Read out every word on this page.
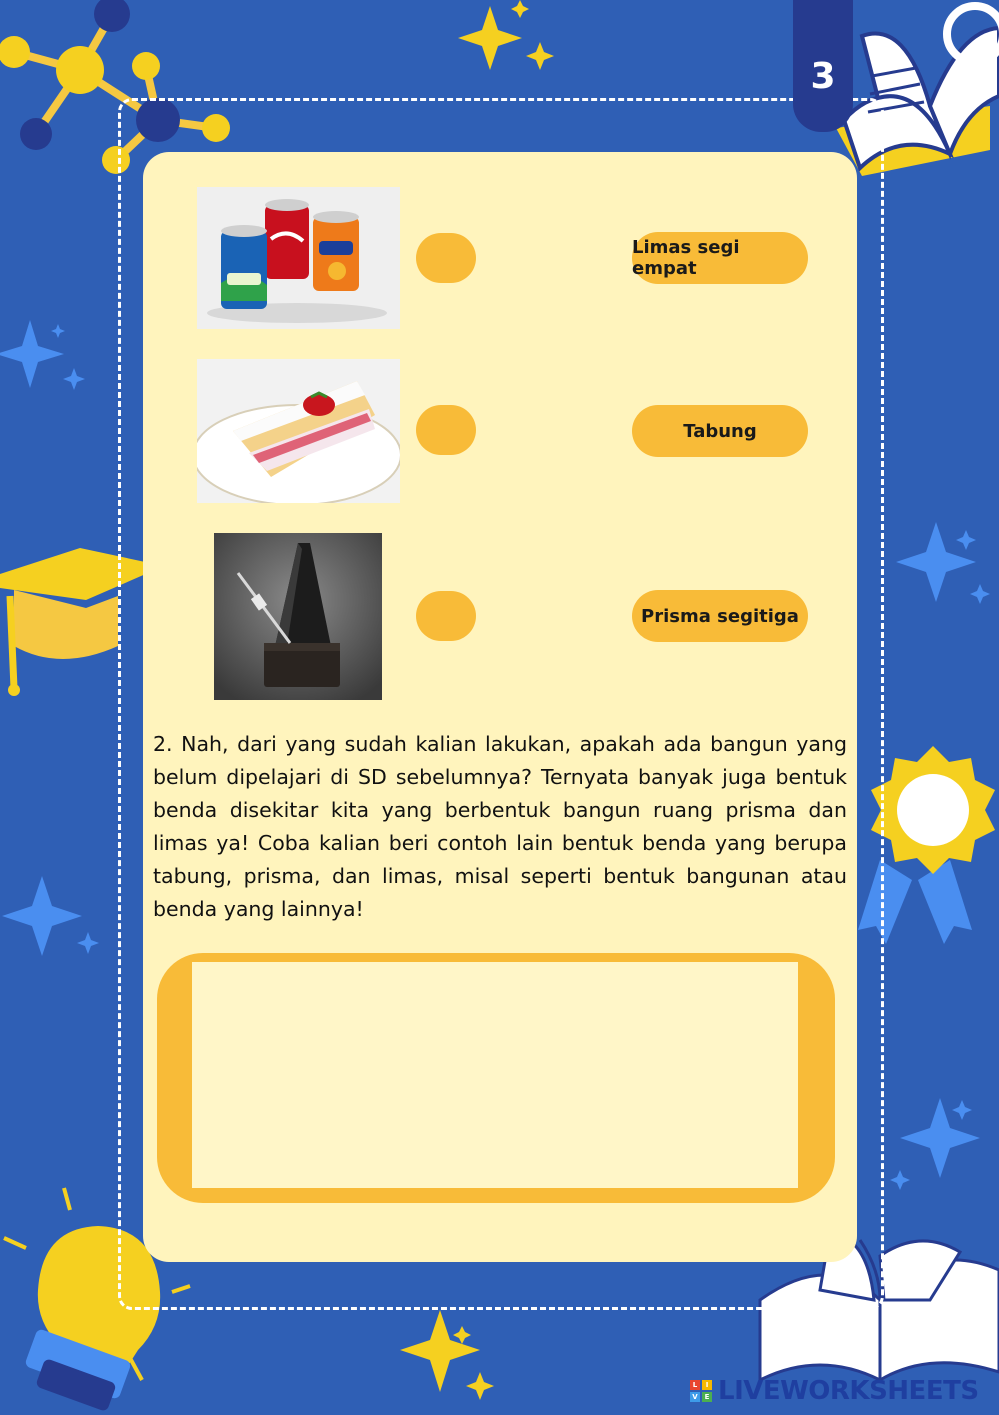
3
Limas segi empat
Tabung
Prisma segitiga
2. Nah, dari yang sudah kalian lakukan, apakah ada bangun yang belum dipelajari di SD sebelumnya? Ternyata banyak juga bentuk benda disekitar kita yang berbentuk bangun ruang prisma dan limas ya! Coba kalian beri contoh lain bentuk benda yang berupa tabung, prisma, dan limas, misal seperti bentuk bangunan atau benda yang lainnya!
L	I
V E LIVEWORKSHEETS
